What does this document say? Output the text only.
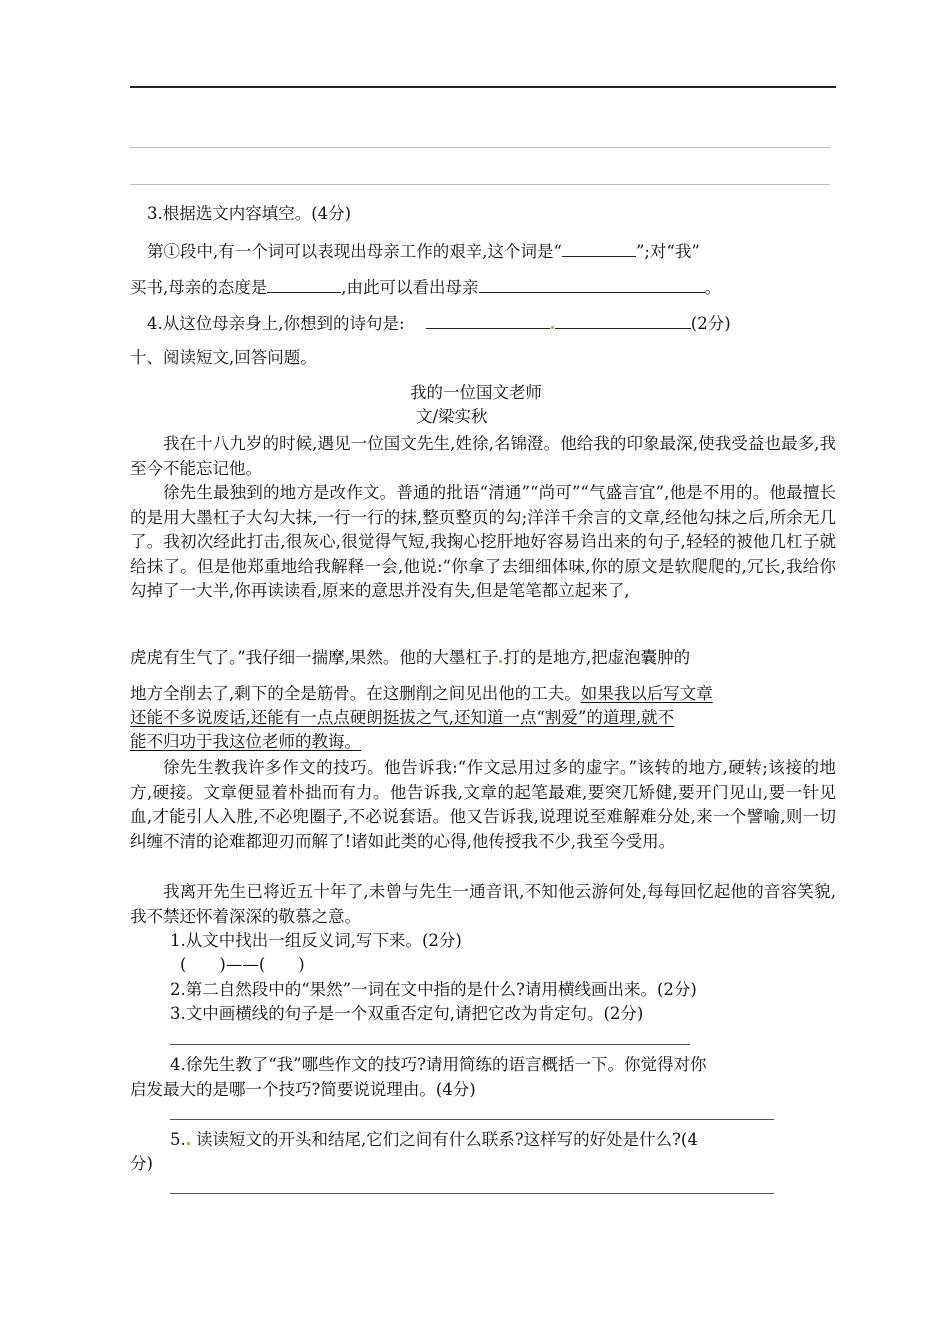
3.根据选文内容填空。(4分)
第①段中,有一个词可以表现出母亲工作的艰辛,这个词是“	”;对“我”
买书,母亲的态度是	,由此可以看出母亲	。
4.从这位母亲身上,你想到的诗句是:	(2分)
十、阅读短文,回答问题。
我的一位国文老师
文/梁实秋
我在十八九岁的时候,遇见一位国文先生,姓徐,名锦澄。他给我的印象最深,使我受益也最多,我至今不能忘记他。
徐先生最独到的地方是改作文。普通的批语“清通”“尚可”“气盛言宜”,他是不用的。他最擅长的是用大墨杠子大勾大抹,一行一行的抹,整页整页的勾;洋洋千余言的文章,经他勾抹之后,所余无几了。我初次经此打击,很灰心,很觉得气短,我掬心挖肝地好容易诌出来的句子,轻轻的被他几杠子就给抹了。但是他郑重地给我解释一会,他说:“你拿了去细细体味,你的原文是软爬爬的,冗长,我给你勾掉了一大半,你再读读看,原来的意思并没有失,但是笔笔都立起来了,
虎虎有生气了。”我仔细一揣摩,果然。他的大墨杠子 打的是地方,把虚泡囊肿的
地方全削去了,剩下的全是筋骨。在这删削之间见出他的工夫。如果我以后写文章
还能不多说废话,还能有一点点硬朗挺拔之气,还知道一点“割爱”的道理,就不
能不归功于我这位老师的教诲。
徐先生教我许多作文的技巧。他告诉我:“作文忌用过多的虚字。”该转的地方,硬转;该接的地方,硬接。文章便显着朴拙而有力。他告诉我,文章的起笔最难,要突兀矫健,要开门见山,要一针见血,才能引人入胜,不必兜圈子,不必说套语。他又告诉我,说理说至难解难分处,来一个譬喻,则一切纠缠不清的论难都迎刃而解了!诸如此类的心得,他传授我不少,我至今受用。
我离开先生已将近五十年了,未曾与先生一通音讯,不知他云游何处,每每回忆起他的音容笑貌,我不禁还怀着深深的敬慕之意。
1.从文中找出一组反义词,写下来。(2分)
(　　)——(　　)
2.第二自然段中的“果然”一词在文中指的是什么?请用横线画出来。(2分)
3.文中画横线的句子是一个双重否定句,请把它改为肯定句。(2分)
4.徐先生教了“我”哪些作文的技巧?请用简练的语言概括一下。你觉得对你
启发最大的是哪一个技巧?简要说说理由。(4分)
5. 读读短文的开头和结尾,它们之间有什么联系?这样写的好处是什么?(4
分)
